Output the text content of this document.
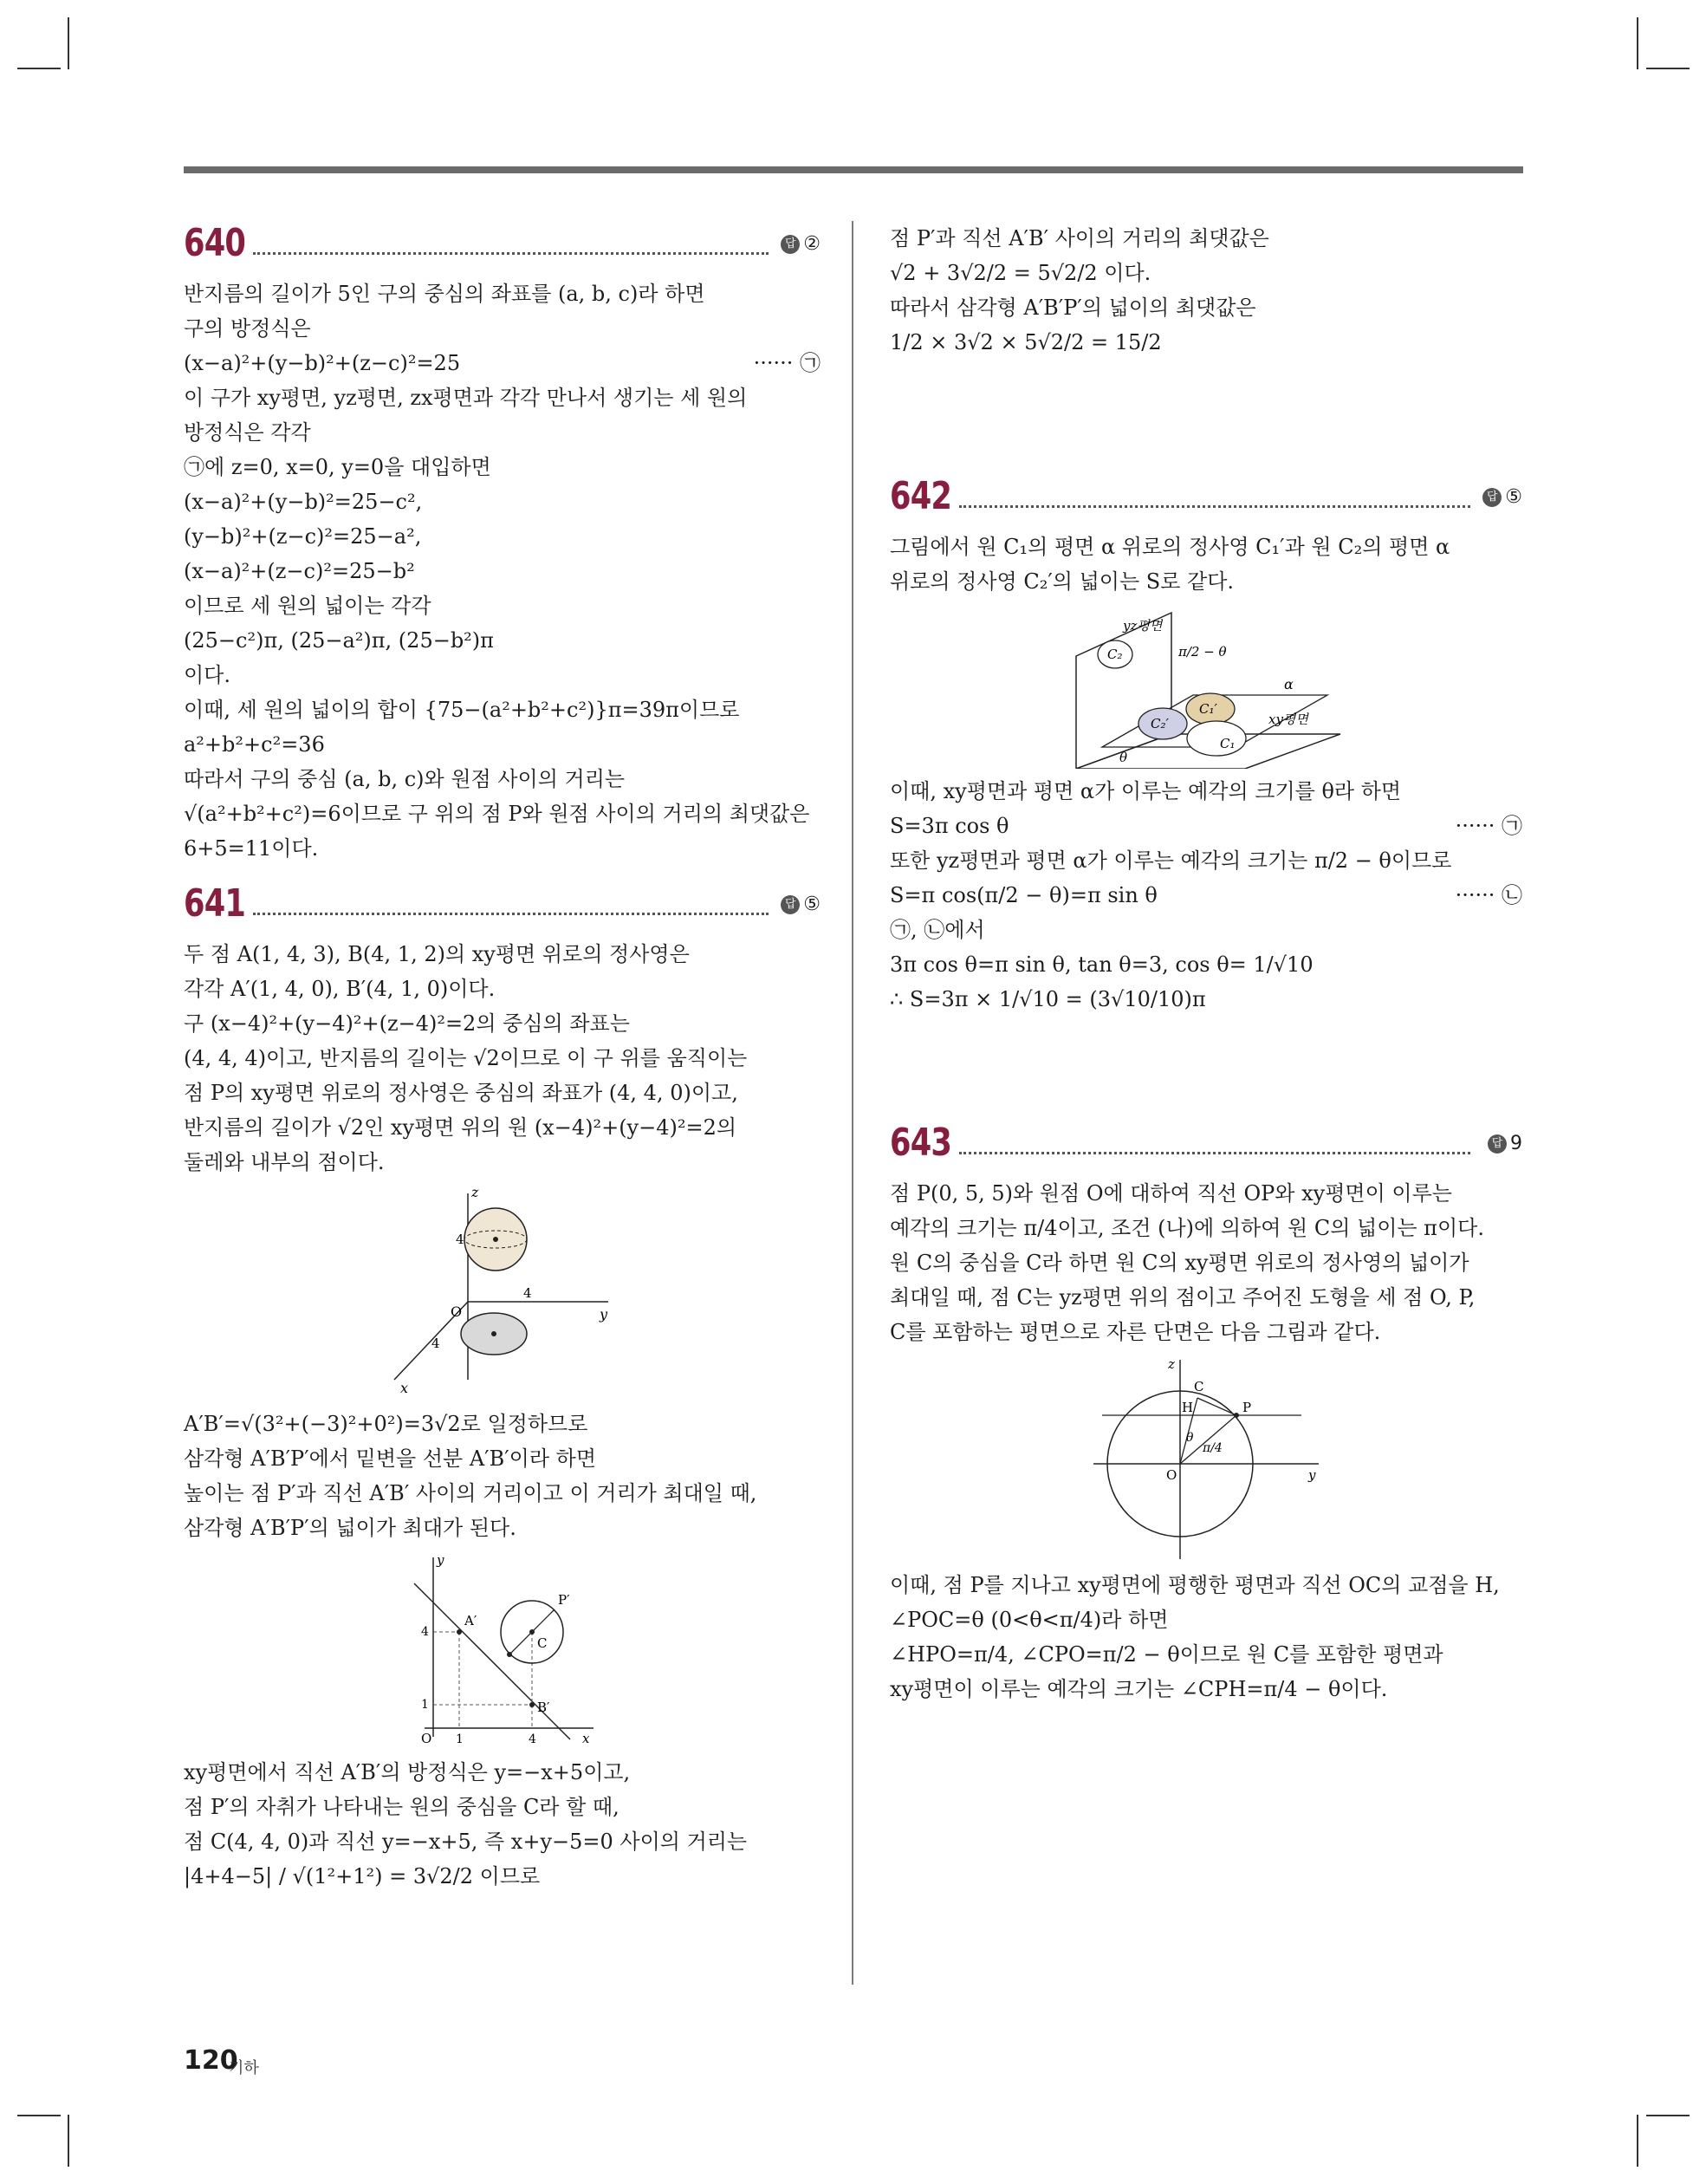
640	답 ②
반지름의 길이가 5인 구의 중심의 좌표를 (a, b, c)라 하면
구의 방정식은
(x−a)²+(y−b)²+(z−c)²=25	······ ㉠
이 구가 xy평면, yz평면, zx평면과 각각 만나서 생기는 세 원의
방정식은 각각
㉠에 z=0, x=0, y=0을 대입하면
(x−a)²+(y−b)²=25−c²,
(y−b)²+(z−c)²=25−a²,
(x−a)²+(z−c)²=25−b²
이므로 세 원의 넓이는 각각
(25−c²)π, (25−a²)π, (25−b²)π
이다.
이때, 세 원의 넓이의 합이 {75−(a²+b²+c²)}π=39π이므로
a²+b²+c²=36
따라서 구의 중심 (a, b, c)와 원점 사이의 거리는
√(a²+b²+c²)=6이므로 구 위의 점 P와 원점 사이의 거리의 최댓값은
6+5=11이다.
641	답 ⑤
두 점 A(1, 4, 3), B(4, 1, 2)의 xy평면 위로의 정사영은
각각 A′(1, 4, 0), B′(4, 1, 0)이다.
구 (x−4)²+(y−4)²+(z−4)²=2의 중심의 좌표는
(4, 4, 4)이고, 반지름의 길이는 √2이므로 이 구 위를 움직이는
점 P의 xy평면 위로의 정사영은 중심의 좌표가 (4, 4, 0)이고,
반지름의 길이가 √2인 xy평면 위의 원 (x−4)²+(y−4)²=2의
둘레와 내부의 점이다.
z
y
x
O
4
4
4
A′B′=√(3²+(−3)²+0²)=3√2로 일정하므로
삼각형 A′B′P′에서 밑변을 선분 A′B′이라 하면
높이는 점 P′과 직선 A′B′ 사이의 거리이고 이 거리가 최대일 때,
삼각형 A′B′P′의 넓이가 최대가 된다.
y
x
O
A′
B′
P′
C
1	4
1
4
xy평면에서 직선 A′B′의 방정식은 y=−x+5이고,
점 P′의 자취가 나타내는 원의 중심을 C라 할 때,
점 C(4, 4, 0)과 직선 y=−x+5, 즉 x+y−5=0 사이의 거리는
|4+4−5| / √(1²+1²) = 3√2/2 이므로
점 P′과 직선 A′B′ 사이의 거리의 최댓값은
√2 + 3√2/2 = 5√2/2 이다.
따라서 삼각형 A′B′P′의 넓이의 최댓값은
1/2 × 3√2 × 5√2/2 = 15/2
642	답 ⑤
그림에서 원 C₁의 평면 α 위로의 정사영 C₁′과 원 C₂의 평면 α
위로의 정사영 C₂′의 넓이는 S로 같다.
C₂
C₂′
C₁′
C₁
yz평면
xy평면
α
π/2 − θ
θ
이때, xy평면과 평면 α가 이루는 예각의 크기를 θ라 하면
S=3π cos θ	······ ㉠
또한 yz평면과 평면 α가 이루는 예각의 크기는 π/2 − θ이므로
S=π cos(π/2 − θ)=π sin θ	······ ㉡
㉠, ㉡에서
3π cos θ=π sin θ, tan θ=3, cos θ= 1/√10
∴ S=3π × 1/√10 = (3√10/10)π
643	답 9
점 P(0, 5, 5)와 원점 O에 대하여 직선 OP와 xy평면이 이루는
예각의 크기는 π/4이고, 조건 (나)에 의하여 원 C의 넓이는 π이다.
원 C의 중심을 C라 하면 원 C의 xy평면 위로의 정사영의 넓이가
최대일 때, 점 C는 yz평면 위의 점이고 주어진 도형을 세 점 O, P,
C를 포함하는 평면으로 자른 단면은 다음 그림과 같다.
z
y
O
C
H	P
θ
π/4
이때, 점 P를 지나고 xy평면에 평행한 평면과 직선 OC의 교점을 H,
∠POC=θ (0<θ<π/4)라 하면
∠HPO=π/4, ∠CPO=π/2 − θ이므로 원 C를 포함한 평면과
xy평면이 이루는 예각의 크기는 ∠CPH=π/4 − θ이다.
120
기하
